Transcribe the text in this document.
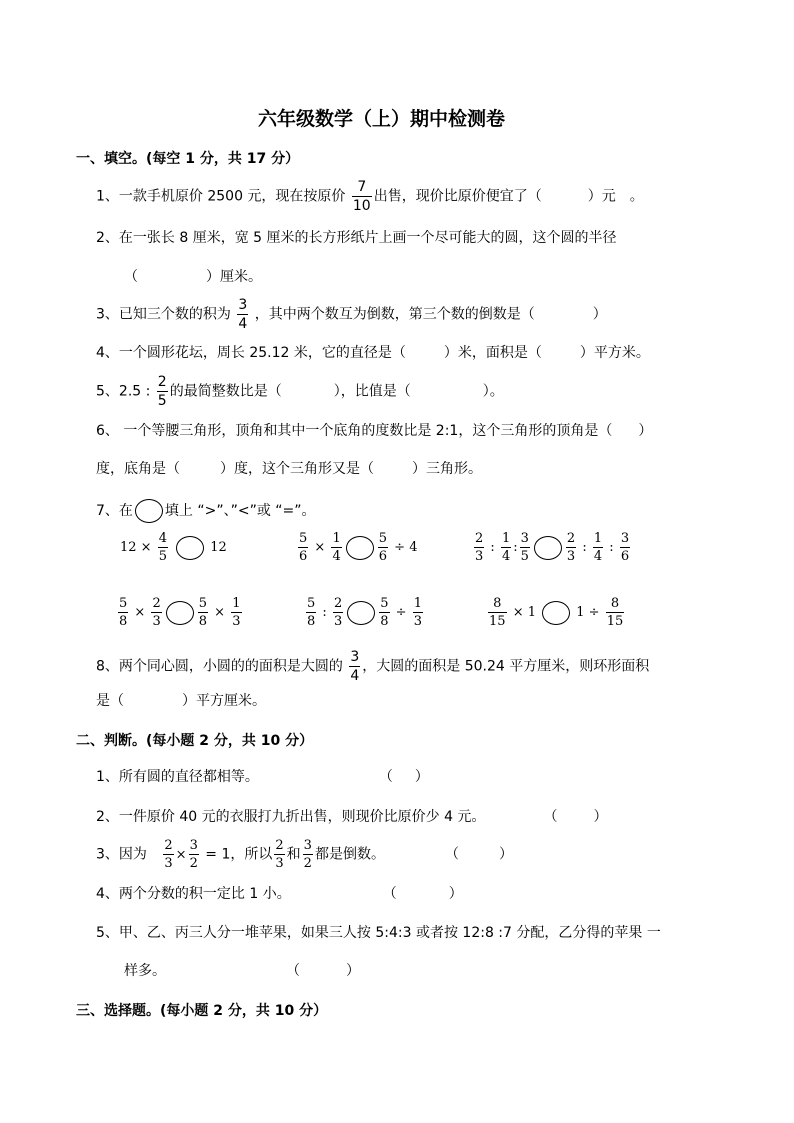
六年级数学（上）期中检测卷
一、填空。(每空 1 分，共 17 分）
1、一款手机原价 2500 元，现在按原价 $\frac{7}{10}$ 出售，现价比原价便宜了（	）元 。
2、在一张长 8 厘米，宽 5 厘米的长方形纸片上画一个尽可能大的圆，这个圆的半径
（	）厘米。
3、已知三个数的积为 $\frac{3}{4}$ ，其中两个数互为倒数，第三个数的倒数是（	）
4、一个圆形花坛，周长 25.12 米，它的直径是（	）米，面积是（	）平方米。
5、2.5 : $\frac{2}{5}$ 的最简整数比是（	），比值是（	）。
6、 一个等腰三角形，顶角和其中一个底角的度数比是 2:1，这个三角形的顶角是（ ）
度，底角是（	）度，这个三角形又是（	）三角形。
7、在 填上 “>”、”<”或 “=”。
$12 \times \frac{4}{5}$	12	$\frac{5}{6} \times \frac{1}{4}$	$\frac{5}{6} \div 4$	$\frac{2}{3}$ : $\frac{1}{4}$ : $\frac{3}{5}$	$\frac{2}{3}$ : $\frac{1}{4}$ : $\frac{3}{6}$
$\frac{5}{8} \times \frac{2}{3}$	$\frac{5}{8} \times \frac{1}{3}$	$\frac{5}{8}$ : $\frac{2}{3}$	$\frac{5}{8} \div \frac{1}{3}$	$\frac{8}{15} \times 1$	$1 \div \frac{8}{15}$
8、两个同心圆，小圆的的面积是大圆的 $\frac{3}{4}$ ，大圆的面积是 50.24 平方厘米，则环形面积
是（	）平方厘米。
二、判断。(每小题 2 分，共 10 分）
1、所有圆的直径都相等。	（ ）
2、一件原价 40 元的衣服打九折出售，则现价比原价少 4 元。	（	）
3、因为 $\frac{2}{3} \times \frac{3}{2} = 1$，所以 $\frac{2}{3}$ 和 $\frac{3}{2}$ 都是倒数。	（	）
4、两个分数的积一定比 1 小。	（	）
5、甲、乙、丙三人分一堆苹果，如果三人按 5:4:3 或者按 12:8 :7 分配，乙分得的苹果 一
样多。	（	）
三、选择题。(每小题 2 分，共 10 分）
